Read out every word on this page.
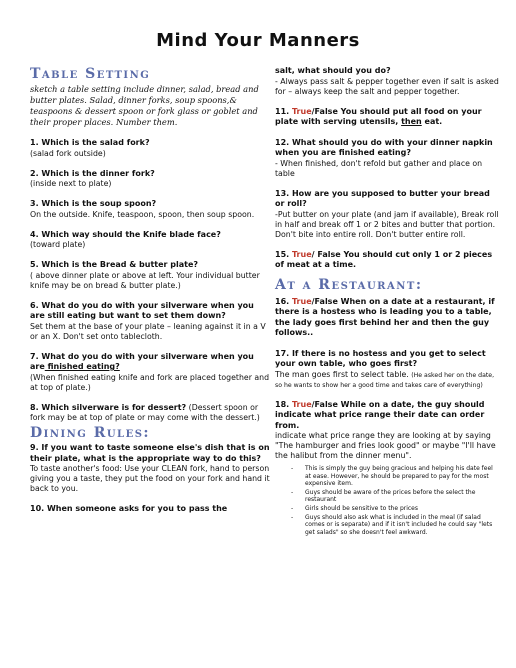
Mind Your Manners
Table Setting
sketch a table setting include dinner, salad, bread and butter plates. Salad, dinner forks, soup spoons,& teaspoons & dessert spoon or fork glass or goblet and their proper places. Number them.
1. Which is the salad fork?
(salad fork outside)
2. Which is the dinner fork?
(inside next to plate)
3. Which is the soup spoon?
On the outside. Knife, teaspoon, spoon, then soup spoon.
4. Which way should the Knife blade face?
(toward plate)
5. Which is the Bread & butter plate?
( above dinner plate or above at left. Your individual butter knife may be on bread & butter plate.)
6. What do you do with your silverware when you are still eating but want to set them down?
Set them at the base of your plate – leaning against it in a V or an X. Don't set onto tablecloth.
7. What do you do with your silverware when you are finished eating?
(When finished eating knife and fork are placed together and at top of plate.)
8. Which silverware is for dessert? (Dessert spoon or fork may be at top of plate or may come with the dessert.)
Dining Rules:
9. If you want to taste someone else's dish that is on their plate, what is the appropriate way to do this?
To taste another's food: Use your CLEAN fork, hand to person giving you a taste, they put the food on your fork and hand it back to you.
10. When someone asks for you to pass the
salt, what should you do?
- Always pass salt & pepper together even if salt is asked for – always keep the salt and pepper together.
11. True/False You should put all food on your plate with serving utensils, then eat.
12. What should you do with your dinner napkin when you are finished eating?
- When finished, don't refold but gather and place on table
13. How are you supposed to butter your bread or roll?
-Put butter on your plate (and jam if available), Break roll in half and break off 1 or 2 bites and butter that portion. Don't bite into entire roll. Don't butter entire roll.
15. True/ False You should cut only 1 or 2 pieces of meat at a time.
At a Restaurant:
16. True/False When on a date at a restaurant, if there is a hostess who is leading you to a table, the lady goes first behind her and then the guy follows..
17. If there is no hostess and you get to select your own table, who goes first?
The man goes first to select table. (He asked her on the date, so he wants to show her a good time and takes care of everything)
18. True/False While on a date, the guy should indicate what price range their date can order from.
indicate what price range they are looking at by saying "The hamburger and fries look good" or maybe "I'll have the halibut from the dinner menu".
- This is simply the guy being gracious and helping his date feel at ease. However, he should be prepared to pay for the most expensive item.
- Guys should be aware of the prices before the select the restaurant
- Girls should be sensitive to the prices
- Guys should also ask what is included in the meal (if salad comes or is separate) and if it isn't included he could say "lets get salads" so she doesn't feel awkward.
